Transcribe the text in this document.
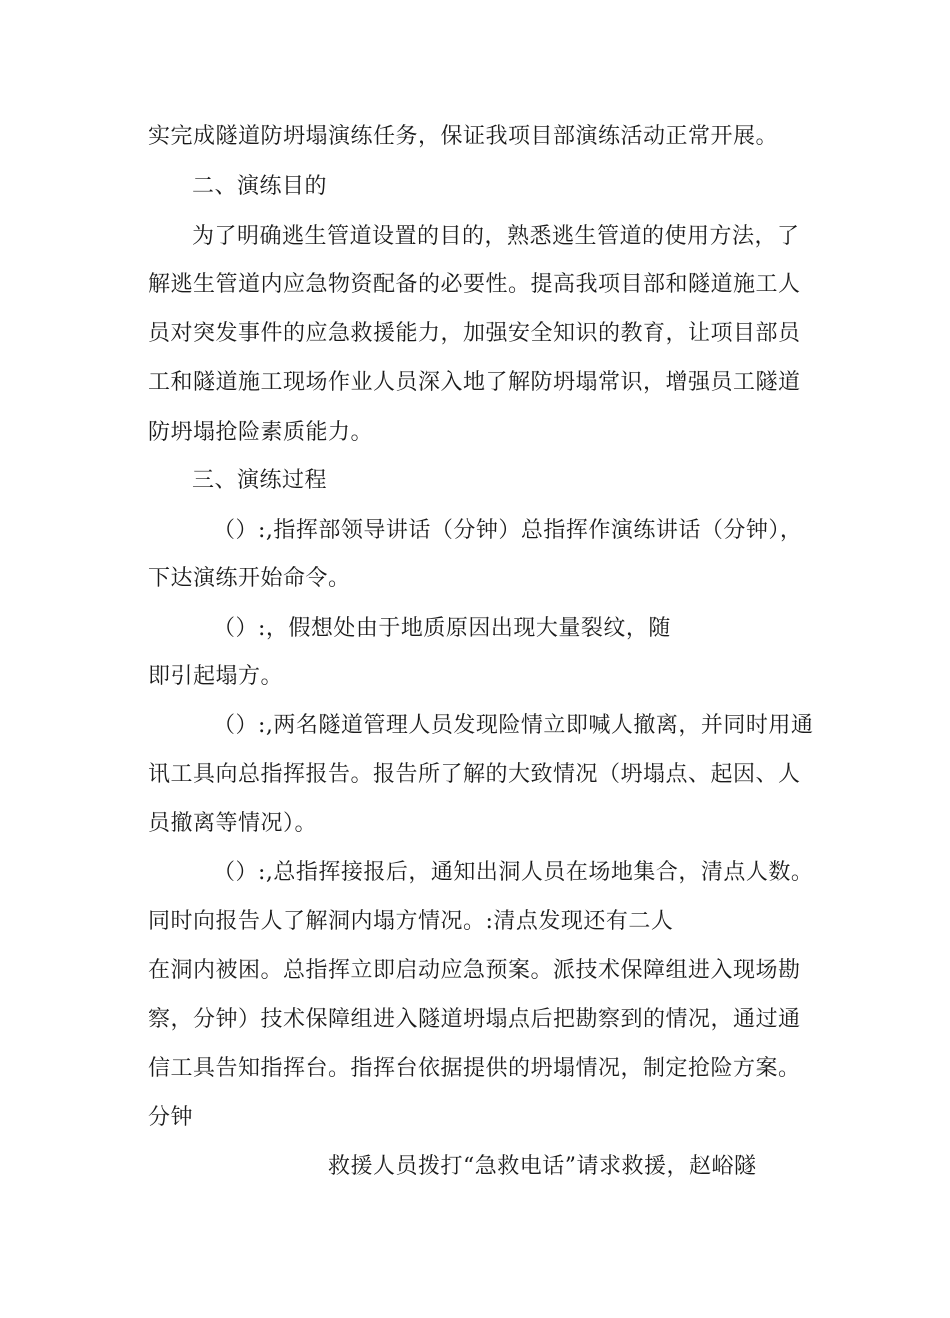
实完成隧道防坍塌演练任务，保证我项目部演练活动正常开展。
二、演练目的
为了明确逃生管道设置的目的，熟悉逃生管道的使用方法，了
解逃生管道内应急物资配备的必要性。提高我项目部和隧道施工人
员对突发事件的应急救援能力，加强安全知识的教育，让项目部员
工和隧道施工现场作业人员深入地了解防坍塌常识，增强员工隧道
防坍塌抢险素质能力。
三、演练过程
（）:,指挥部领导讲话（分钟）总指挥作演练讲话（分钟），
下达演练开始命令。
（）:，假想处由于地质原因出现大量裂纹，随
即引起塌方。
（）:,两名隧道管理人员发现险情立即喊人撤离，并同时用通
讯工具向总指挥报告。报告所了解的大致情况（坍塌点、起因、人
员撤离等情况）。
（）:,总指挥接报后，通知出洞人员在场地集合，清点人数。
同时向报告人了解洞内塌方情况。:清点发现还有二人
在洞内被困。总指挥立即启动应急预案。派技术保障组进入现场勘
察，分钟）技术保障组进入隧道坍塌点后把勘察到的情况，通过通
信工具告知指挥台。指挥台依据提供的坍塌情况，制定抢险方案。
分钟
救援人员拨打“急救电话”请求救援，赵峪隧
